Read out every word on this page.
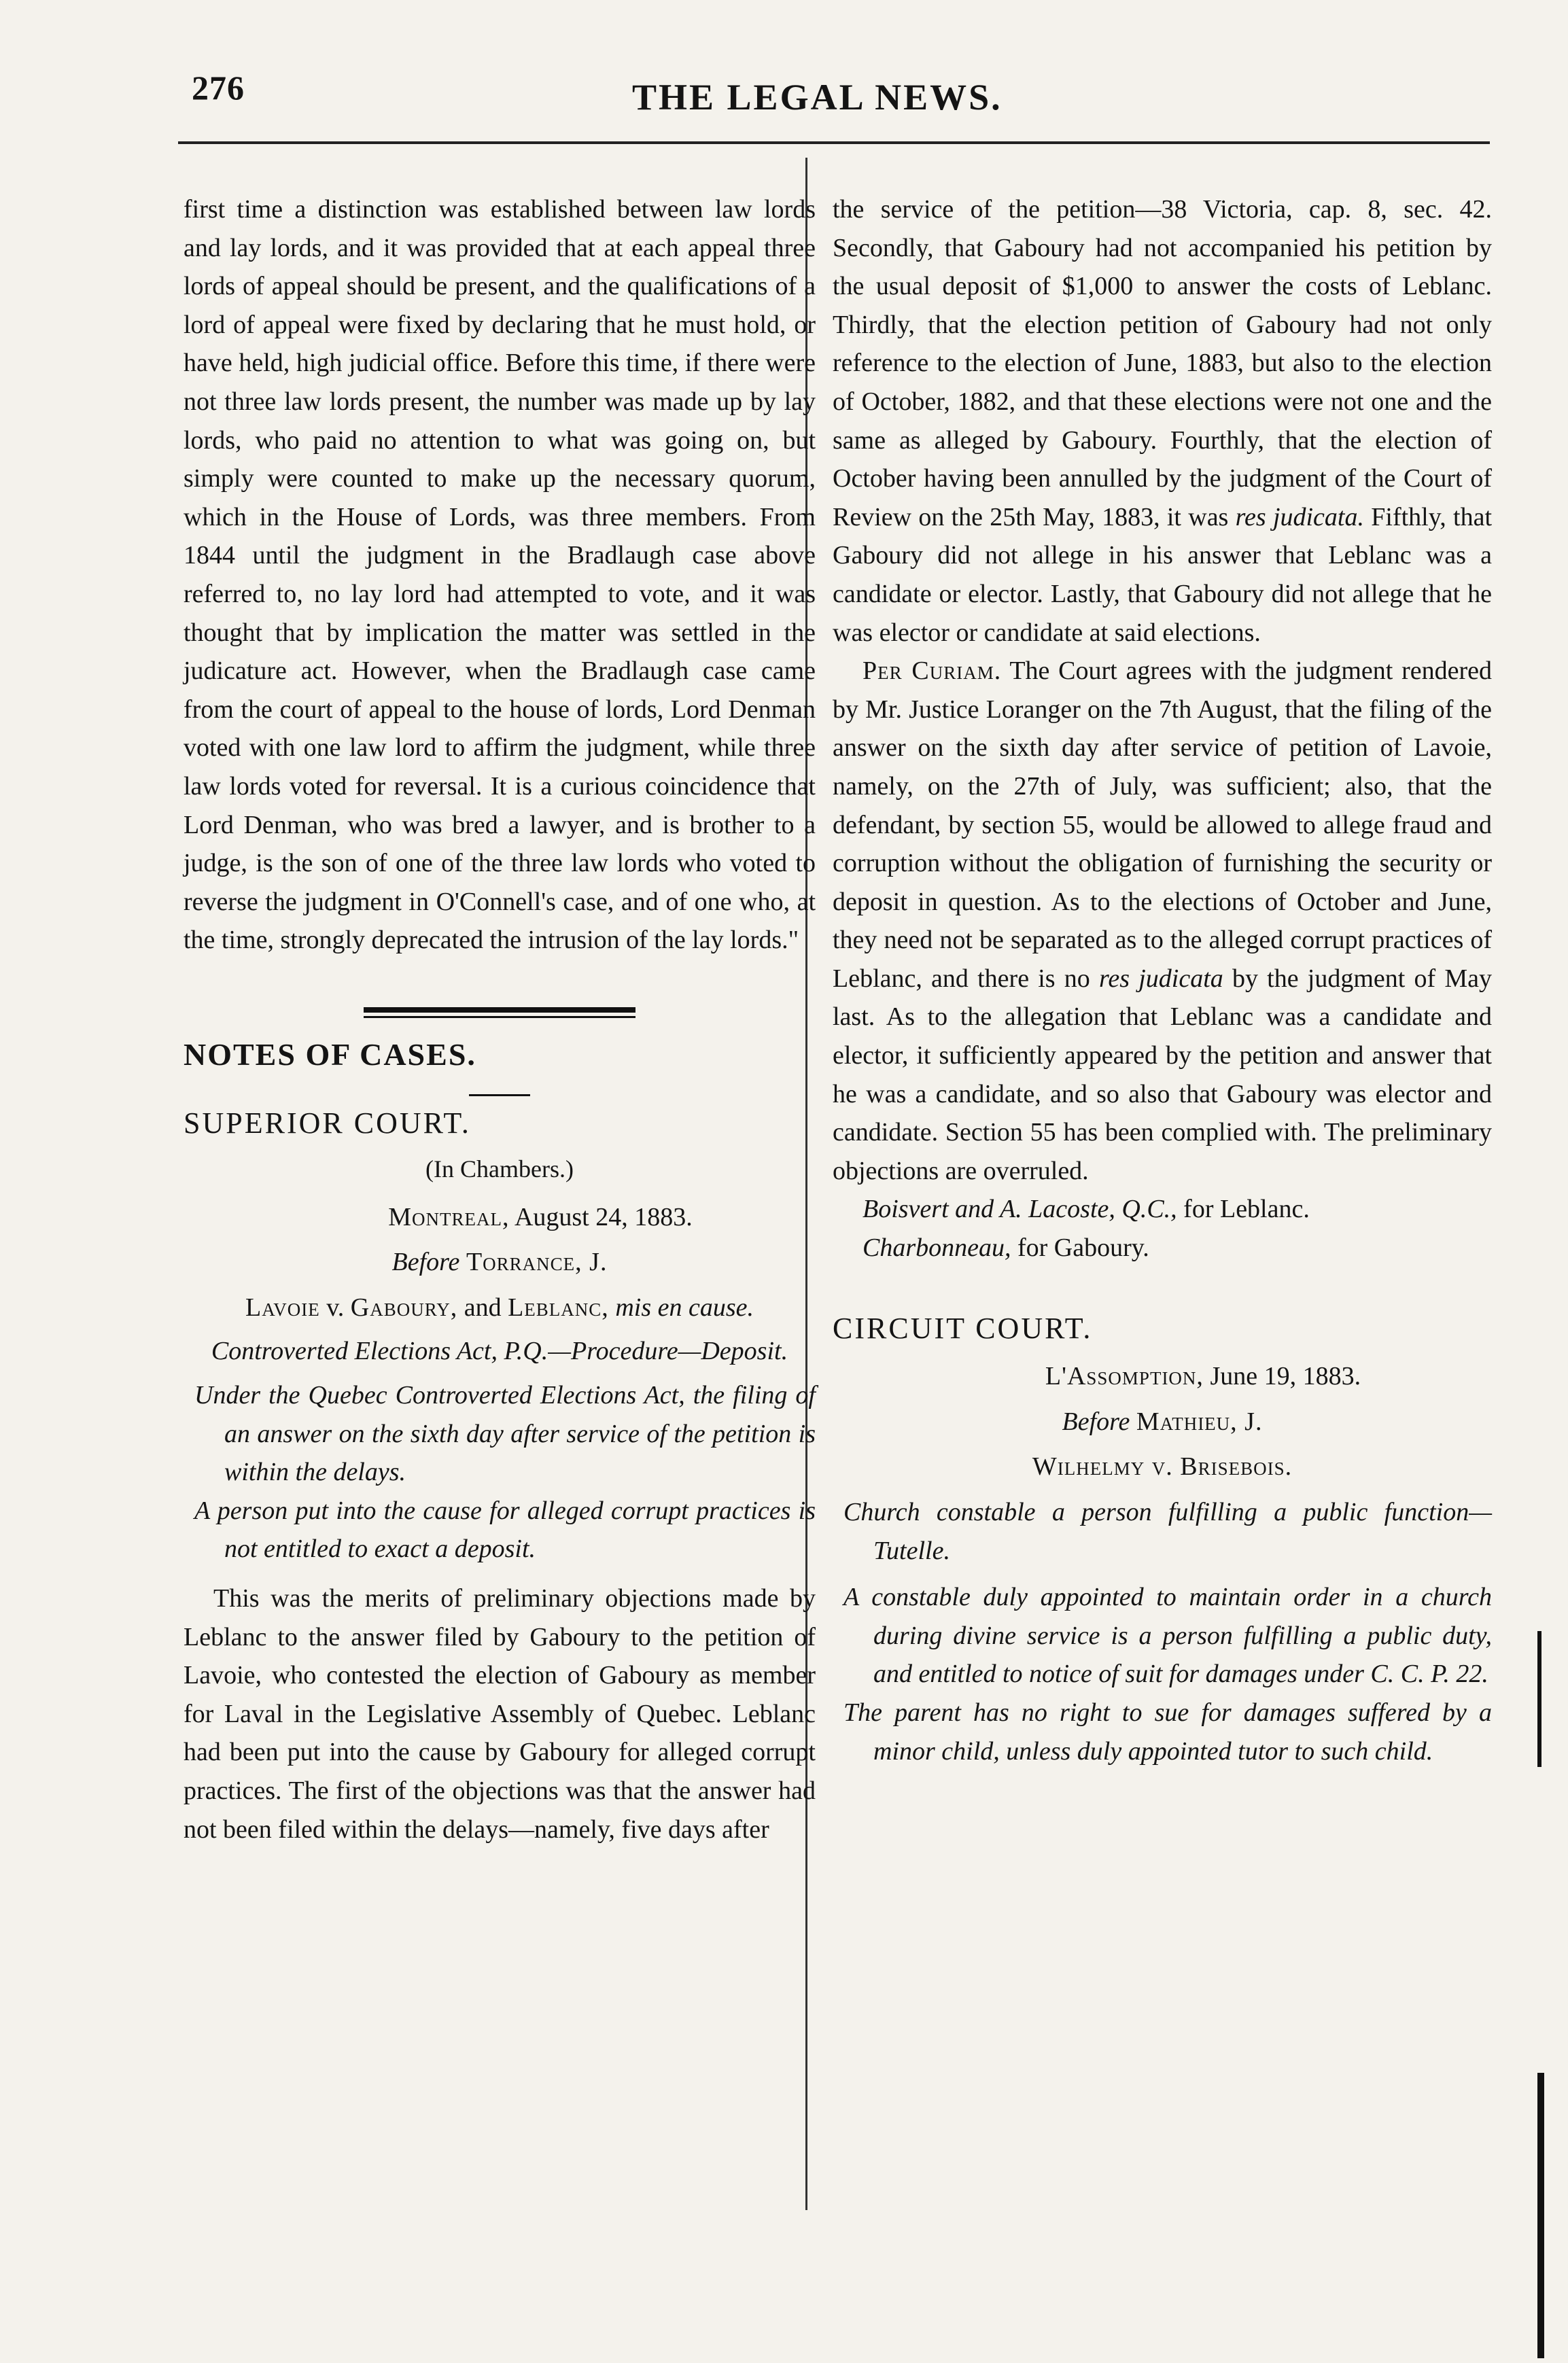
276	THE LEGAL NEWS.

first time a distinction was established between law lords and lay lords, and it was provided that at each appeal three lords of appeal should be present, and the qualifications of a lord of appeal were fixed by declaring that he must hold, or have held, high judicial office. Before this time, if there were not three law lords present, the number was made up by lay lords, who paid no attention to what was going on, but simply were counted to make up the necessary quorum, which in the House of Lords, was three members. From 1844 until the judgment in the Bradlaugh case above referred to, no lay lord had attempted to vote, and it was thought that by implication the matter was settled in the judicature act. However, when the Bradlaugh case came from the court of appeal to the house of lords, Lord Denman voted with one law lord to affirm the judgment, while three law lords voted for reversal. It is a curious coincidence that Lord Denman, who was bred a lawyer, and is brother to a judge, is the son of one of the three law lords who voted to reverse the judgment in O'Connell's case, and of one who, at the time, strongly deprecated the intrusion of the lay lords."

NOTES OF CASES.

SUPERIOR COURT.

(In Chambers.)

Montreal, August 24, 1883.

Before Torrance, J.

Lavoie v. Gaboury, and Leblanc, mis en cause.

Controverted Elections Act, P.Q.—Procedure—Deposit.

Under the Quebec Controverted Elections Act, the filing of an answer on the sixth day after service of the petition is within the delays.

A person put into the cause for alleged corrupt practices is not entitled to exact a deposit.

This was the merits of preliminary objections made by Leblanc to the answer filed by Gaboury to the petition of Lavoie, who contested the election of Gaboury as member for Laval in the Legislative Assembly of Quebec. Leblanc had been put into the cause by Gaboury for alleged corrupt practices. The first of the objections was that the answer had not been filed within the delays—namely, five days after

the service of the petition—38 Victoria, cap. 8, sec. 42. Secondly, that Gaboury had not accompanied his petition by the usual deposit of $1,000 to answer the costs of Leblanc. Thirdly, that the election petition of Gaboury had not only reference to the election of June, 1883, but also to the election of October, 1882, and that these elections were not one and the same as alleged by Gaboury. Fourthly, that the election of October having been annulled by the judgment of the Court of Review on the 25th May, 1883, it was res judicata. Fifthly, that Gaboury did not allege in his answer that Leblanc was a candidate or elector. Lastly, that Gaboury did not allege that he was elector or candidate at said elections.

Per Curiam. The Court agrees with the judgment rendered by Mr. Justice Loranger on the 7th August, that the filing of the answer on the sixth day after service of petition of Lavoie, namely, on the 27th of July, was sufficient; also, that the defendant, by section 55, would be allowed to allege fraud and corruption without the obligation of furnishing the security or deposit in question. As to the elections of October and June, they need not be separated as to the alleged corrupt practices of Leblanc, and there is no res judicata by the judgment of May last. As to the allegation that Leblanc was a candidate and elector, it sufficiently appeared by the petition and answer that he was a candidate, and so also that Gaboury was elector and candidate. Section 55 has been complied with. The preliminary objections are overruled.

Boisvert and A. Lacoste, Q.C., for Leblanc.

Charbonneau, for Gaboury.

CIRCUIT COURT.

L'Assomption, June 19, 1883.

Before Mathieu, J.

Wilhelmy v. Brisebois.

Church constable a person fulfilling a public function—Tutelle.

A constable duly appointed to maintain order in a church during divine service is a person fulfilling a public duty, and entitled to notice of suit for damages under C. C. P. 22.

The parent has no right to sue for damages suffered by a minor child, unless duly appointed tutor to such child.
